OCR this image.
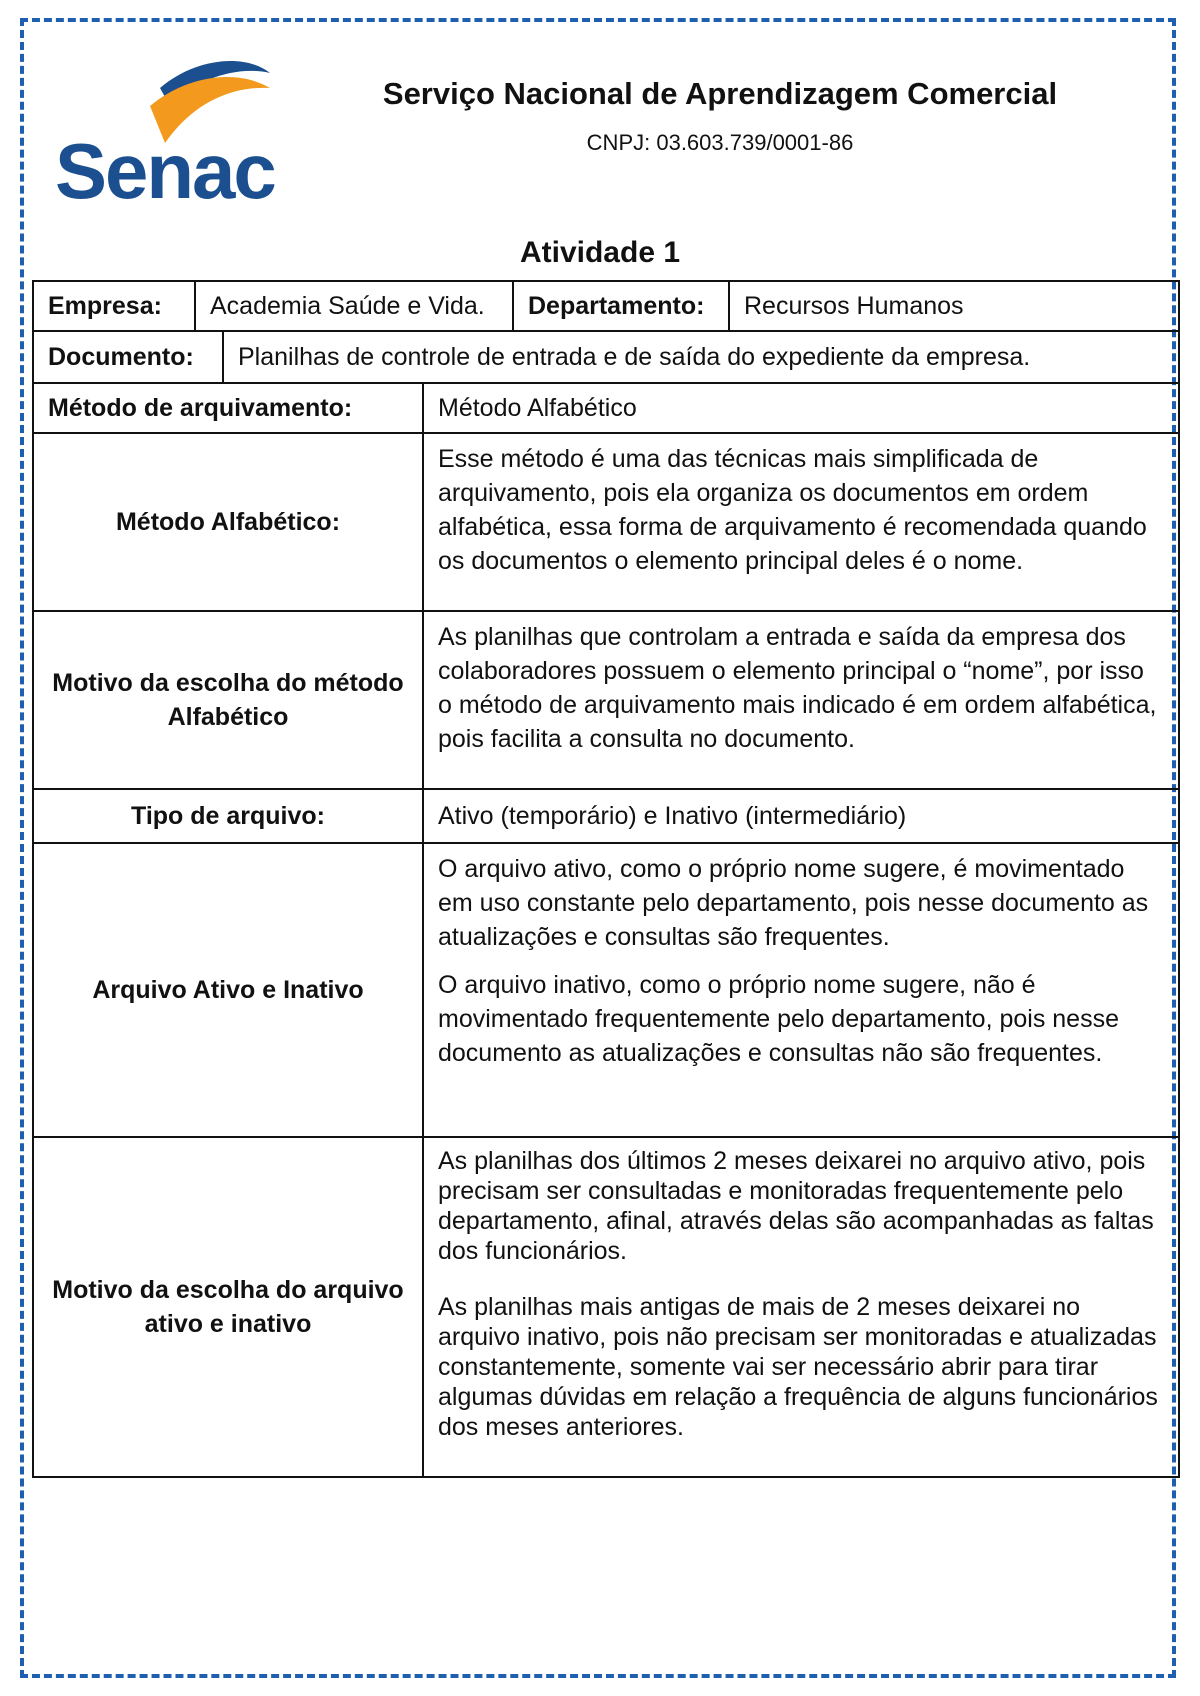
Senac
Serviço Nacional de Aprendizagem Comercial
CNPJ: 03.603.739/0001-86
Atividade 1
Empresa:	Academia Saúde e Vida.	Departamento:	Recursos Humanos
Documento:	Planilhas de controle de entrada e de saída do expediente da empresa.
Método de arquivamento:	Método Alfabético
Método Alfabético:	Esse método é uma das técnicas mais simplificada de arquivamento, pois ela organiza os documentos em ordem alfabética, essa forma de arquivamento é recomendada quando os documentos o elemento principal deles é o nome.
Motivo da escolha do método Alfabético	As planilhas que controlam a entrada e saída da empresa dos colaboradores possuem o elemento principal o “nome”, por isso o método de arquivamento mais indicado é em ordem alfabética, pois facilita a consulta no documento.
Tipo de arquivo:	Ativo (temporário) e Inativo (intermediário)
Arquivo Ativo e Inativo	O arquivo ativo, como o próprio nome sugere, é movimentado em uso constante pelo departamento, pois nesse documento as atualizações e consultas são frequentes.

O arquivo inativo, como o próprio nome sugere, não é movimentado frequentemente pelo departamento, pois nesse documento as atualizações e consultas não são frequentes.

Motivo da escolha do arquivo ativo e inativo	As planilhas dos últimos 2 meses deixarei no arquivo ativo, pois precisam ser consultadas e monitoradas frequentemente pelo departamento, afinal, através delas são acompanhadas as faltas dos funcionários.

As planilhas mais antigas de mais de 2 meses deixarei no arquivo inativo, pois não precisam ser monitoradas e atualizadas constantemente, somente vai ser necessário abrir para tirar algumas dúvidas em relação a frequência de alguns funcionários dos meses anteriores.
